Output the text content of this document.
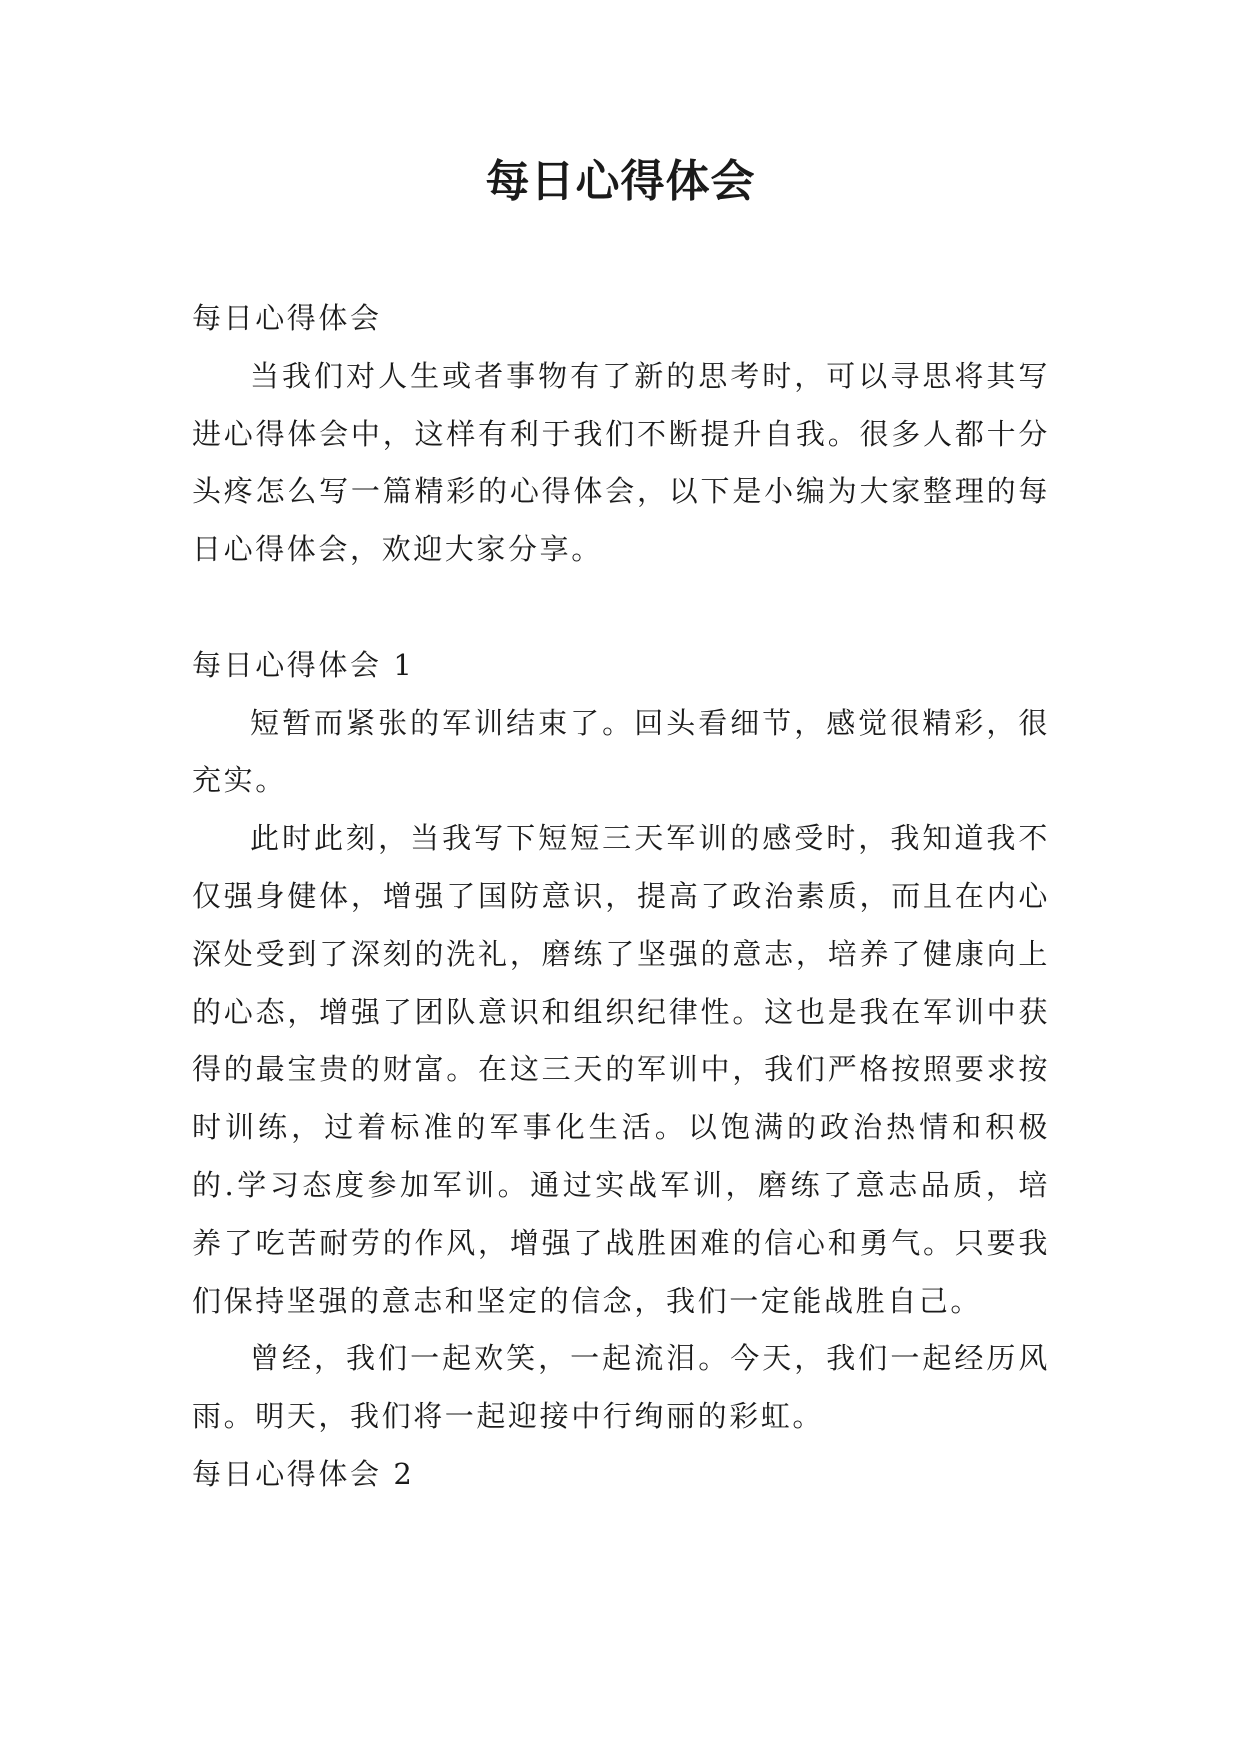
每日心得体会

每日心得体会

当我们对人生或者事物有了新的思考时，可以寻思将其写进心得体会中，这样有利于我们不断提升自我。很多人都十分头疼怎么写一篇精彩的心得体会，以下是小编为大家整理的每日心得体会，欢迎大家分享。

每日心得体会 1

短暂而紧张的军训结束了。回头看细节，感觉很精彩，很充实。

此时此刻，当我写下短短三天军训的感受时，我知道我不仅强身健体，增强了国防意识，提高了政治素质，而且在内心深处受到了深刻的洗礼，磨练了坚强的意志，培养了健康向上的心态，增强了团队意识和组织纪律性。这也是我在军训中获得的最宝贵的财富。在这三天的军训中，我们严格按照要求按时训练，过着标准的军事化生活。以饱满的政治热情和积极的.学习态度参加军训。通过实战军训，磨练了意志品质，培养了吃苦耐劳的作风，增强了战胜困难的信心和勇气。只要我们保持坚强的意志和坚定的信念，我们一定能战胜自己。

曾经，我们一起欢笑，一起流泪。今天，我们一起经历风雨。明天，我们将一起迎接中行绚丽的彩虹。

每日心得体会 2
